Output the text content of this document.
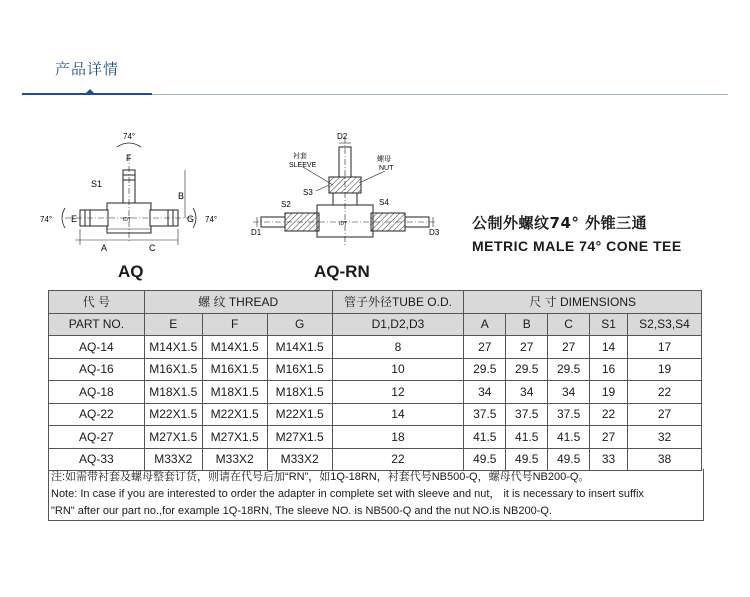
产品详情
74°
74°	74°
F
S1
B
E	G
A	C
IDT
D2
衬套
SLEEVE
螺母
NUT
S3
S2	S4
D1	D3
IDT
AQ	AQ-RN
公制外螺纹74° 外锥三通
METRIC MALE 74° CONE TEE
代 号	螺 纹 THREAD			管子外径TUBE O.D.	尺 寸 DIMENSIONS				
PART NO.	E	F	G	D1,D2,D3	A	B	C	S1	S2,S3,S4
AQ-14	M14X1.5	M14X1.5	M14X1.5	8	27	27	27	14	17
AQ-16	M16X1.5	M16X1.5	M16X1.5	10	29.5	29.5	29.5	16	19
AQ-18	M18X1.5	M18X1.5	M18X1.5	12	34	34	34	19	22
AQ-22	M22X1.5	M22X1.5	M22X1.5	14	37.5	37.5	37.5	22	27
AQ-27	M27X1.5	M27X1.5	M27X1.5	18	41.5	41.5	41.5	27	32
AQ-33	M33X2	M33X2	M33X2	22	49.5	49.5	49.5	33	38
注:如需带衬套及螺母整套订货，则请在代号后加“RN”，如1Q-18RN，衬套代号NB500-Q，螺母代号NB200-Q。
Note: In case if you are interested to order the adapter in complete set with sleeve and nut， it is necessary to insert suffix
"RN" after our part no.,for example 1Q-18RN, The sleeve NO. is NB500-Q and the nut NO.is NB200-Q.
